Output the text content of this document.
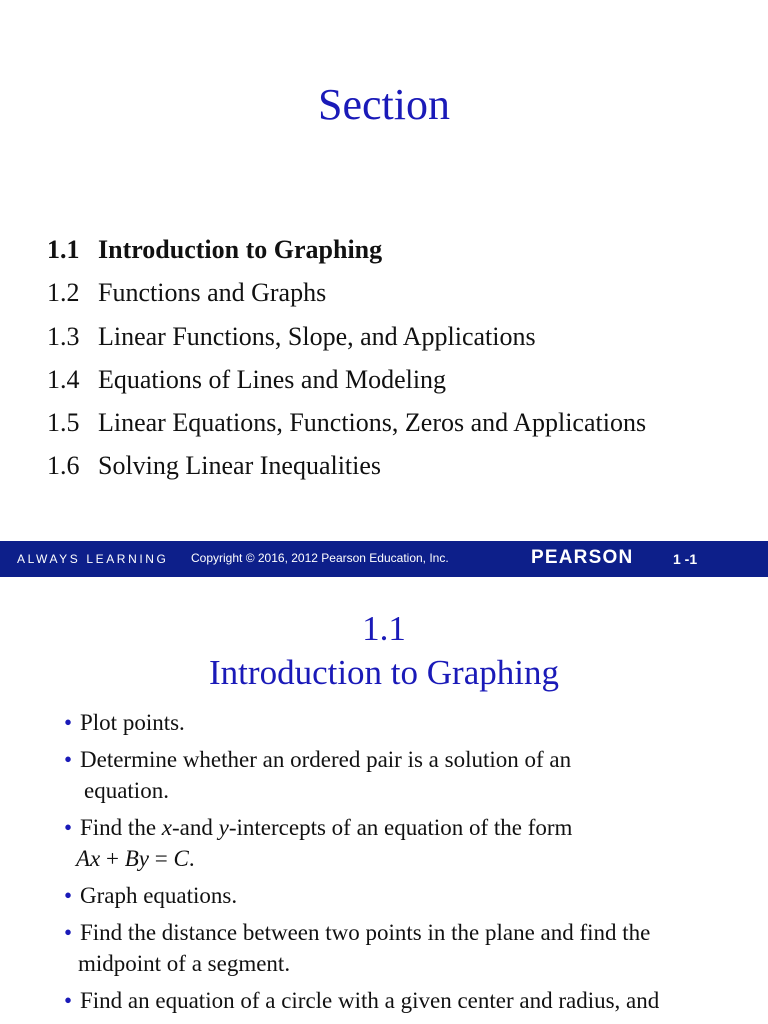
Section
1.1 Introduction to Graphing
1.2 Functions and Graphs
1.3 Linear Functions, Slope, and Applications
1.4 Equations of Lines and Modeling
1.5 Linear Equations, Functions, Zeros and Applications
1.6 Solving Linear Inequalities
ALWAYS LEARNING Copyright © 2016, 2012 Pearson Education, Inc.	PEARSON	1 -1
1.1
Introduction to Graphing
• Plot points.
• Determine whether an ordered pair is a solution of an
equation.
• Find the x-and y-intercepts of an equation of the form
Ax + By = C.
• Graph equations.
• Find the distance between two points in the plane and find the
midpoint of a segment.
• Find an equation of a circle with a given center and radius, and
